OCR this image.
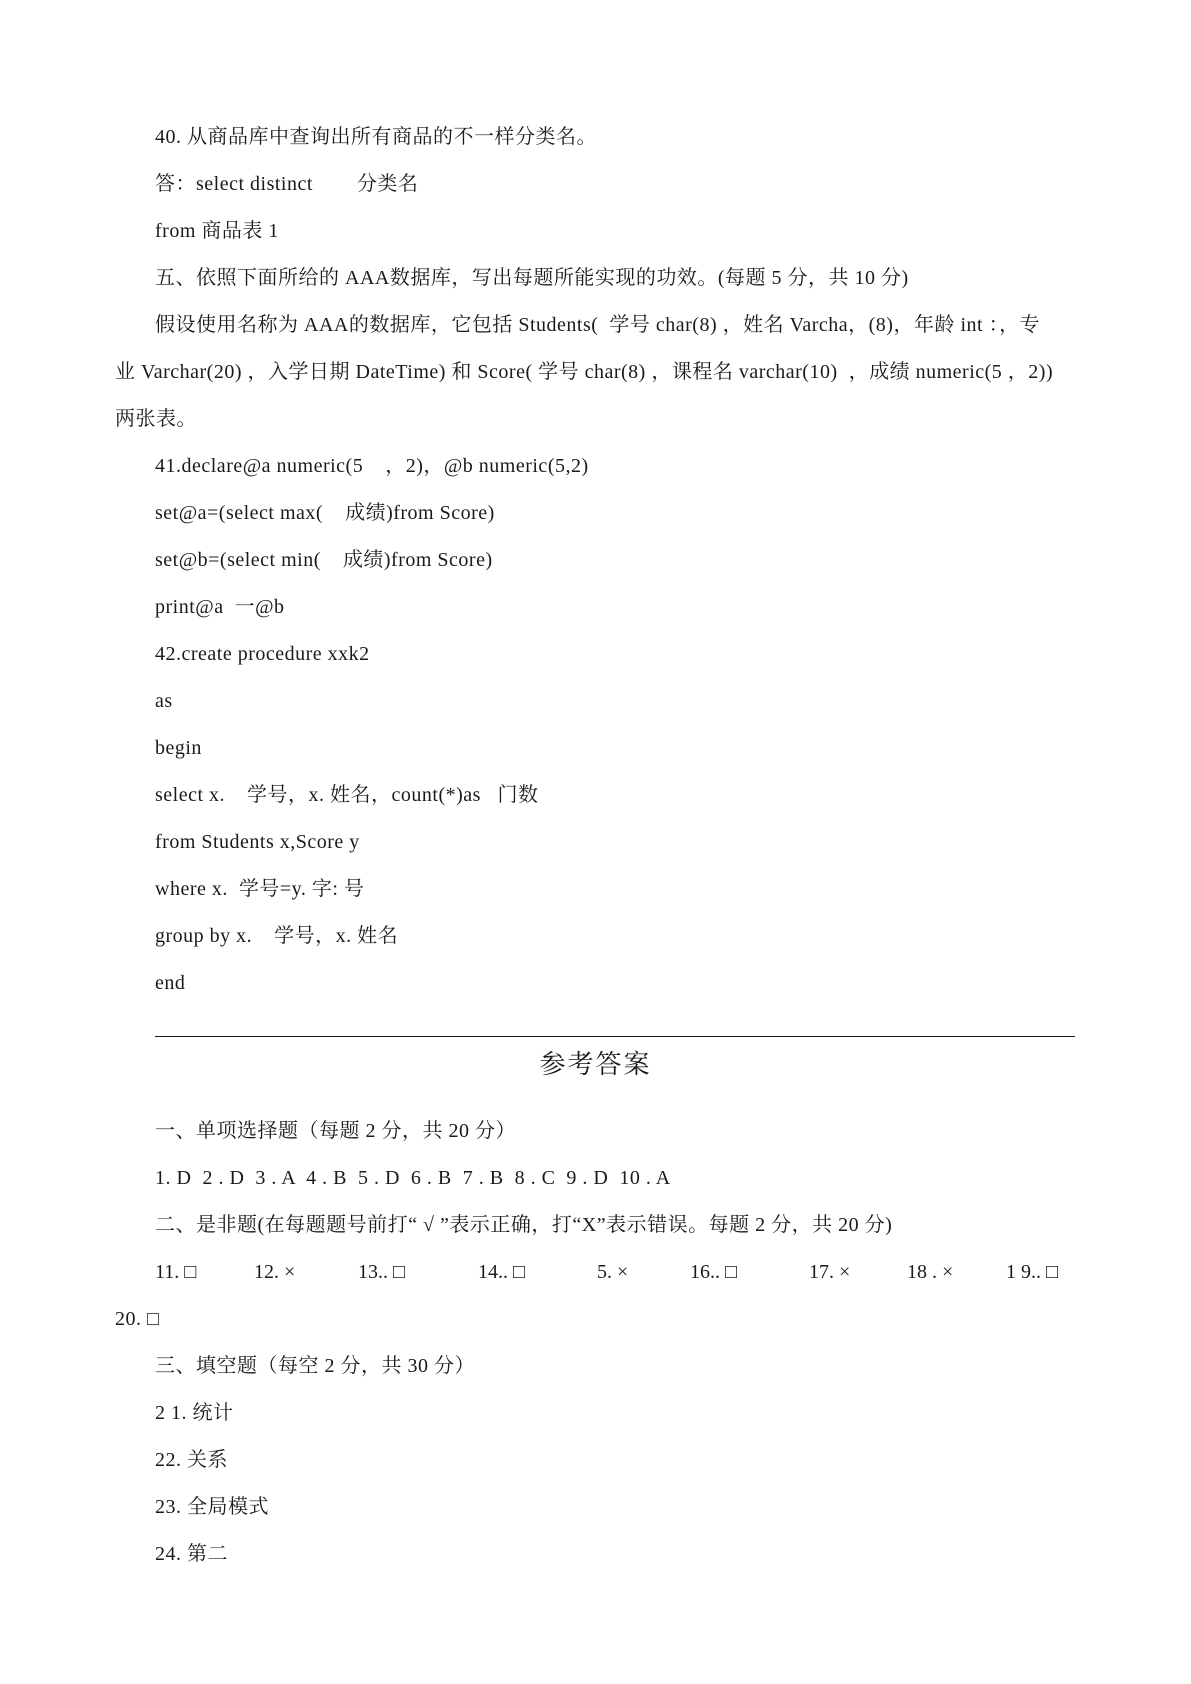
40. 从商品库中查询出所有商品的不一样分类名。
答：select distinct        分类名
from 商品表 1
五、依照下面所给的 AAA数据库，写出每题所能实现的功效。(每题 5 分，共 10 分)
假设使用名称为 AAA的数据库，它包括 Students(  学号 char(8) ，姓名 Varcha，(8)，年龄 int ：，专
业 Varchar(20) ，入学日期 DateTime) 和 Score( 学号 char(8) ，课程名 varchar(10)  ，成绩 numeric(5 ，2))
两张表。
41.declare@a numeric(5    ，2)，@b numeric(5,2)
set@a=(select max(    成绩)from Score)
set@b=(select min(    成绩)from Score)
print@a  一@b
42.create procedure xxk2
as
begin
select x.    学号，x. 姓名，count(*)as   门数
from Students x,Score y
where x.  学号=y. 字: 号
group by x.    学号，x. 姓名
end
参考答案
一、单项选择题（每题 2 分，共 20 分）
1. D  2 . D  3 . A  4 . B  5 . D  6 . B  7 . B  8 . C  9 . D  10 . A
二、是非题(在每题题号前打“ √ ”表示正确，打“X”表示错误。每题 2 分，共 20 分)
11. □	12. ×	13.. □	14.. □	5. ×	16.. □	17. ×	18 . ×	1 9.. □
20. □
三、填空题（每空 2 分，共 30 分）
2 1. 统计
22. 关系
23. 全局模式
24. 第二
